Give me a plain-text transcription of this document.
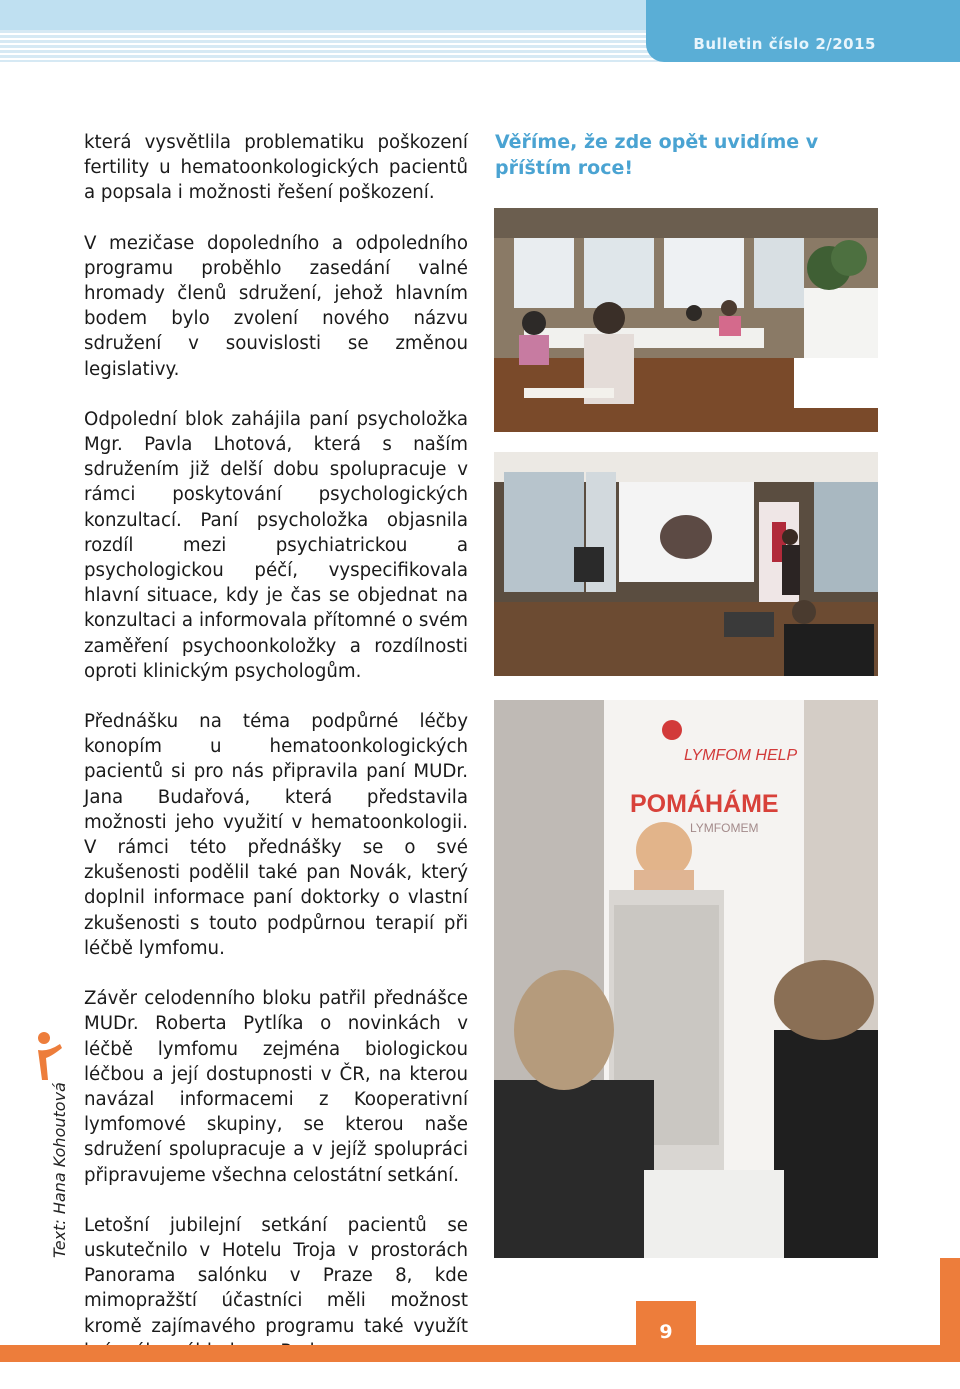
Bulletin číslo 2/2015

která vysvětlila problematiku poškození fertility u hematoonkologických pacientů a popsala i možnosti řešení poškození.

V mezičase dopoledního a odpoledního programu proběhlo zasedání valné hromady členů sdružení, jehož hlavním bodem bylo zvolení nového názvu sdružení v souvislosti se změnou legislativy.

Odpolední blok zahájila paní psycholožka Mgr. Pavla Lhotová, která s naším sdružením již delší dobu spolupracuje v rámci poskytování psychologických konzultací. Paní psycholožka objasnila rozdíl mezi psychiatrickou a psychologickou péčí, vyspecifikovala hlavní situace, kdy je čas se objednat na konzultaci a informovala přítomné o svém zaměření psychoonkoložky a rozdílnosti oproti klinickým psychologům.

Přednášku na téma podpůrné léčby konopím u hematoonkologických pacientů si pro nás připravila paní MUDr. Jana Budařová, která představila možnosti jeho využití v hematoonkologii. V rámci této přednášky se o své zkušenosti podělil také pan Novák, který doplnil informace paní doktorky o vlastní zkušenosti s touto podpůrnou terapií při léčbě lymfomu.

Závěr celodenního bloku patřil přednášce MUDr. Roberta Pytlíka o novinkách v léčbě lymfomu zejména biologickou léčbou a její dostupnosti v ČR, na kterou navázal informacemi z Kooperativní lymfomové skupiny, se kterou naše sdružení spolupracuje a v jejíž spolupráci připravujeme všechna celostátní setkání.

Letošní jubilejní setkání pacientů se uskutečnilo v Hotelu Troja v prostorách Panorama salónku v Praze 8, kde mimopražští účastníci měli možnost kromě zajímavého programu také využít

Věříme, že zde opět uvidíme v příštím roce!
LYMFOM HELP
POMÁHÁME
LYMFOMEM
Text: Hana Kohoutová
9
